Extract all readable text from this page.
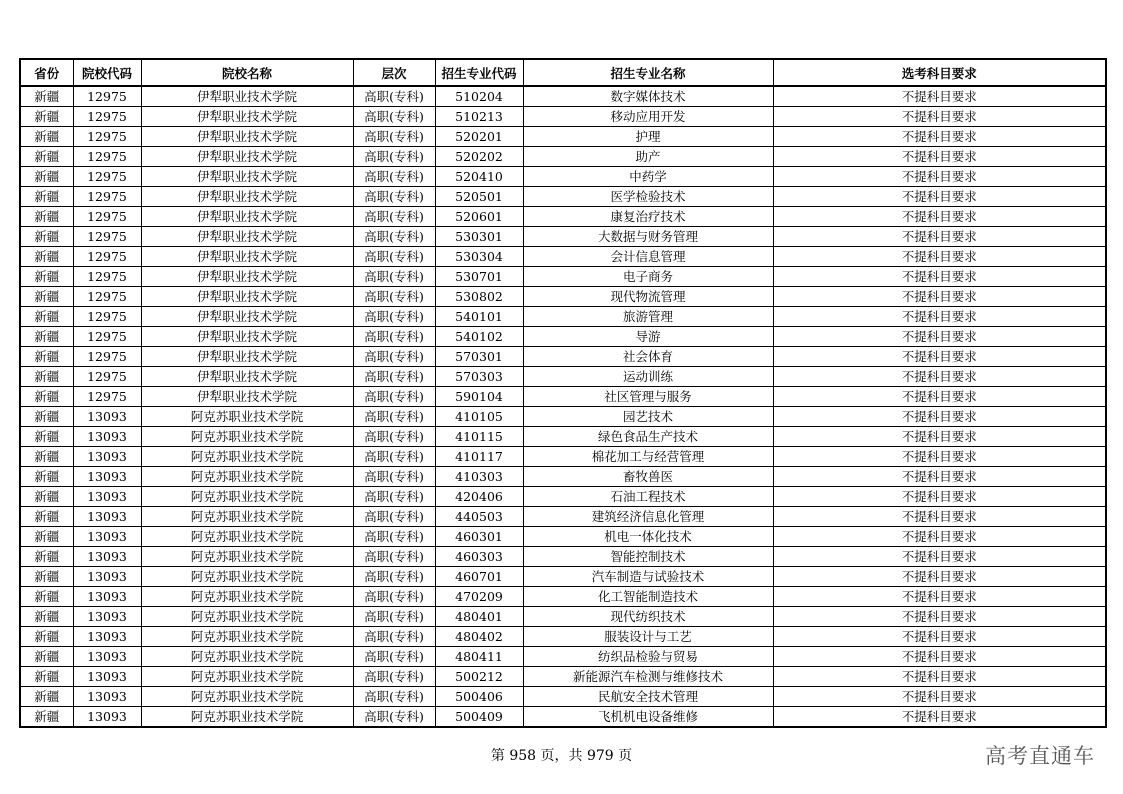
省份	院校代码	院校名称	层次	招生专业代码	招生专业名称	选考科目要求
新疆	12975	伊犁职业技术学院	高职(专科)	510204	数字媒体技术	不提科目要求
新疆	12975	伊犁职业技术学院	高职(专科)	510213	移动应用开发	不提科目要求
新疆	12975	伊犁职业技术学院	高职(专科)	520201	护理	不提科目要求
新疆	12975	伊犁职业技术学院	高职(专科)	520202	助产	不提科目要求
新疆	12975	伊犁职业技术学院	高职(专科)	520410	中药学	不提科目要求
新疆	12975	伊犁职业技术学院	高职(专科)	520501	医学检验技术	不提科目要求
新疆	12975	伊犁职业技术学院	高职(专科)	520601	康复治疗技术	不提科目要求
新疆	12975	伊犁职业技术学院	高职(专科)	530301	大数据与财务管理	不提科目要求
新疆	12975	伊犁职业技术学院	高职(专科)	530304	会计信息管理	不提科目要求
新疆	12975	伊犁职业技术学院	高职(专科)	530701	电子商务	不提科目要求
新疆	12975	伊犁职业技术学院	高职(专科)	530802	现代物流管理	不提科目要求
新疆	12975	伊犁职业技术学院	高职(专科)	540101	旅游管理	不提科目要求
新疆	12975	伊犁职业技术学院	高职(专科)	540102	导游	不提科目要求
新疆	12975	伊犁职业技术学院	高职(专科)	570301	社会体育	不提科目要求
新疆	12975	伊犁职业技术学院	高职(专科)	570303	运动训练	不提科目要求
新疆	12975	伊犁职业技术学院	高职(专科)	590104	社区管理与服务	不提科目要求
新疆	13093	阿克苏职业技术学院	高职(专科)	410105	园艺技术	不提科目要求
新疆	13093	阿克苏职业技术学院	高职(专科)	410115	绿色食品生产技术	不提科目要求
新疆	13093	阿克苏职业技术学院	高职(专科)	410117	棉花加工与经营管理	不提科目要求
新疆	13093	阿克苏职业技术学院	高职(专科)	410303	畜牧兽医	不提科目要求
新疆	13093	阿克苏职业技术学院	高职(专科)	420406	石油工程技术	不提科目要求
新疆	13093	阿克苏职业技术学院	高职(专科)	440503	建筑经济信息化管理	不提科目要求
新疆	13093	阿克苏职业技术学院	高职(专科)	460301	机电一体化技术	不提科目要求
新疆	13093	阿克苏职业技术学院	高职(专科)	460303	智能控制技术	不提科目要求
新疆	13093	阿克苏职业技术学院	高职(专科)	460701	汽车制造与试验技术	不提科目要求
新疆	13093	阿克苏职业技术学院	高职(专科)	470209	化工智能制造技术	不提科目要求
新疆	13093	阿克苏职业技术学院	高职(专科)	480401	现代纺织技术	不提科目要求
新疆	13093	阿克苏职业技术学院	高职(专科)	480402	服装设计与工艺	不提科目要求
新疆	13093	阿克苏职业技术学院	高职(专科)	480411	纺织品检验与贸易	不提科目要求
新疆	13093	阿克苏职业技术学院	高职(专科)	500212	新能源汽车检测与维修技术	不提科目要求
新疆	13093	阿克苏职业技术学院	高职(专科)	500406	民航安全技术管理	不提科目要求
新疆	13093	阿克苏职业技术学院	高职(专科)	500409	飞机机电设备维修	不提科目要求
第 958 页，共 979 页	高考直通车
